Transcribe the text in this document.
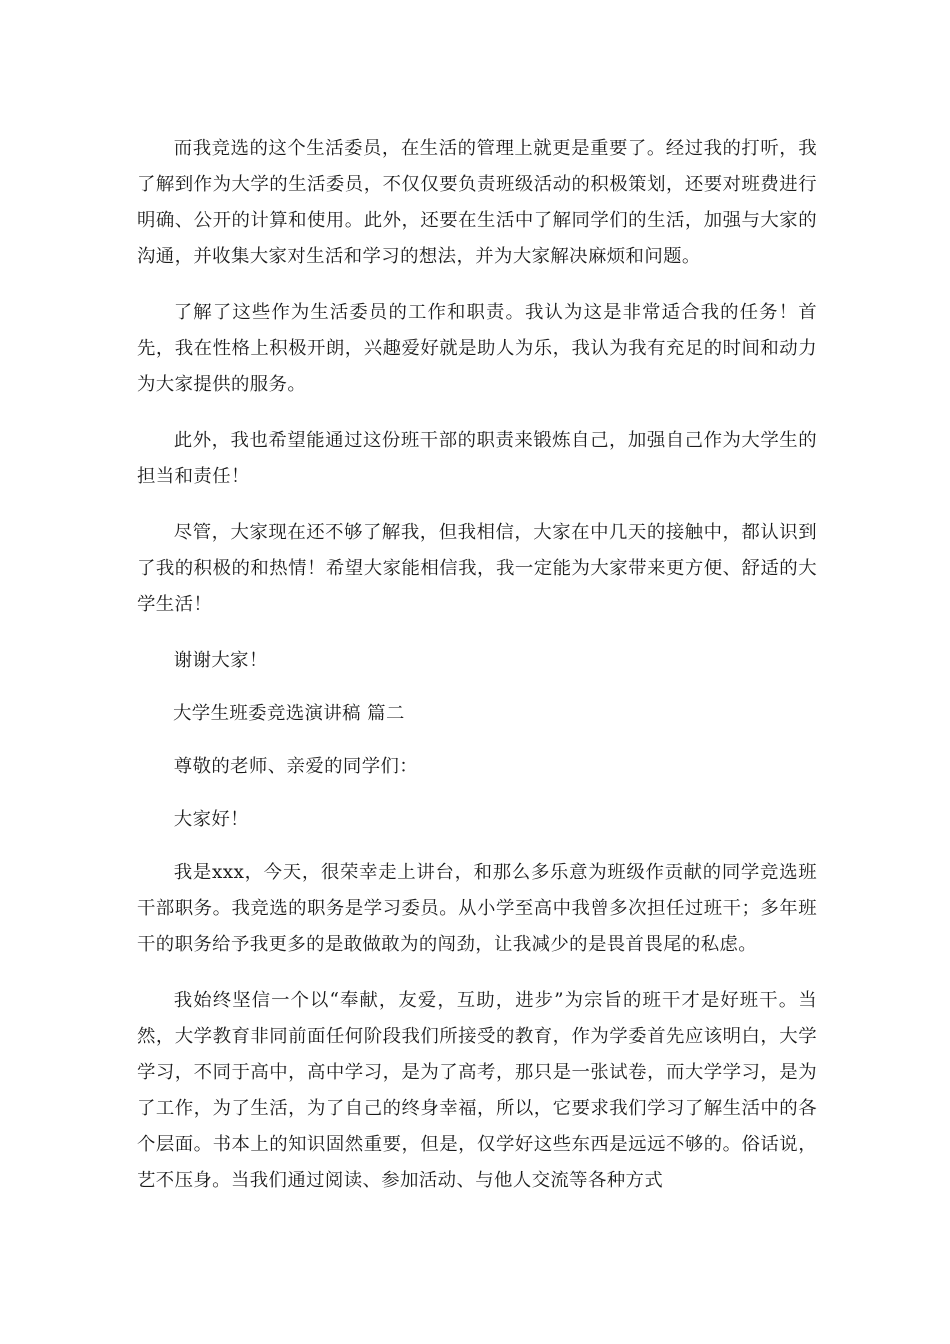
而我竞选的这个生活委员，在生活的管理上就更是重要了。经过我的打听，我了解到作为大学的生活委员，不仅仅要负责班级活动的积极策划，还要对班费进行明确、公开的计算和使用。此外，还要在生活中了解同学们的生活，加强与大家的沟通，并收集大家对生活和学习的想法，并为大家解决麻烦和问题。

了解了这些作为生活委员的工作和职责。我认为这是非常适合我的任务！首先，我在性格上积极开朗，兴趣爱好就是助人为乐，我认为我有充足的时间和动力为大家提供的服务。

此外，我也希望能通过这份班干部的职责来锻炼自己，加强自己作为大学生的担当和责任！

尽管，大家现在还不够了解我，但我相信，大家在中几天的接触中，都认识到了我的积极的和热情！希望大家能相信我，我一定能为大家带来更方便、舒适的大学生活！

谢谢大家！

大学生班委竞选演讲稿 篇二

尊敬的老师、亲爱的同学们：

大家好！

我是xxx，今天，很荣幸走上讲台，和那么多乐意为班级作贡献的同学竞选班干部职务。我竞选的职务是学习委员。从小学至高中我曾多次担任过班干；多年班干的职务给予我更多的是敢做敢为的闯劲，让我减少的是畏首畏尾的私虑。

我始终坚信一个以“奉献，友爱，互助，进步”为宗旨的班干才是好班干。当然，大学教育非同前面任何阶段我们所接受的教育，作为学委首先应该明白，大学学习，不同于高中，高中学习，是为了高考，那只是一张试卷，而大学学习，是为了工作，为了生活，为了自己的终身幸福，所以，它要求我们学习了解生活中的各个层面。书本上的知识固然重要，但是，仅学好这些东西是远远不够的。俗话说，艺不压身。当我们通过阅读、参加活动、与他人交流等各种方式
